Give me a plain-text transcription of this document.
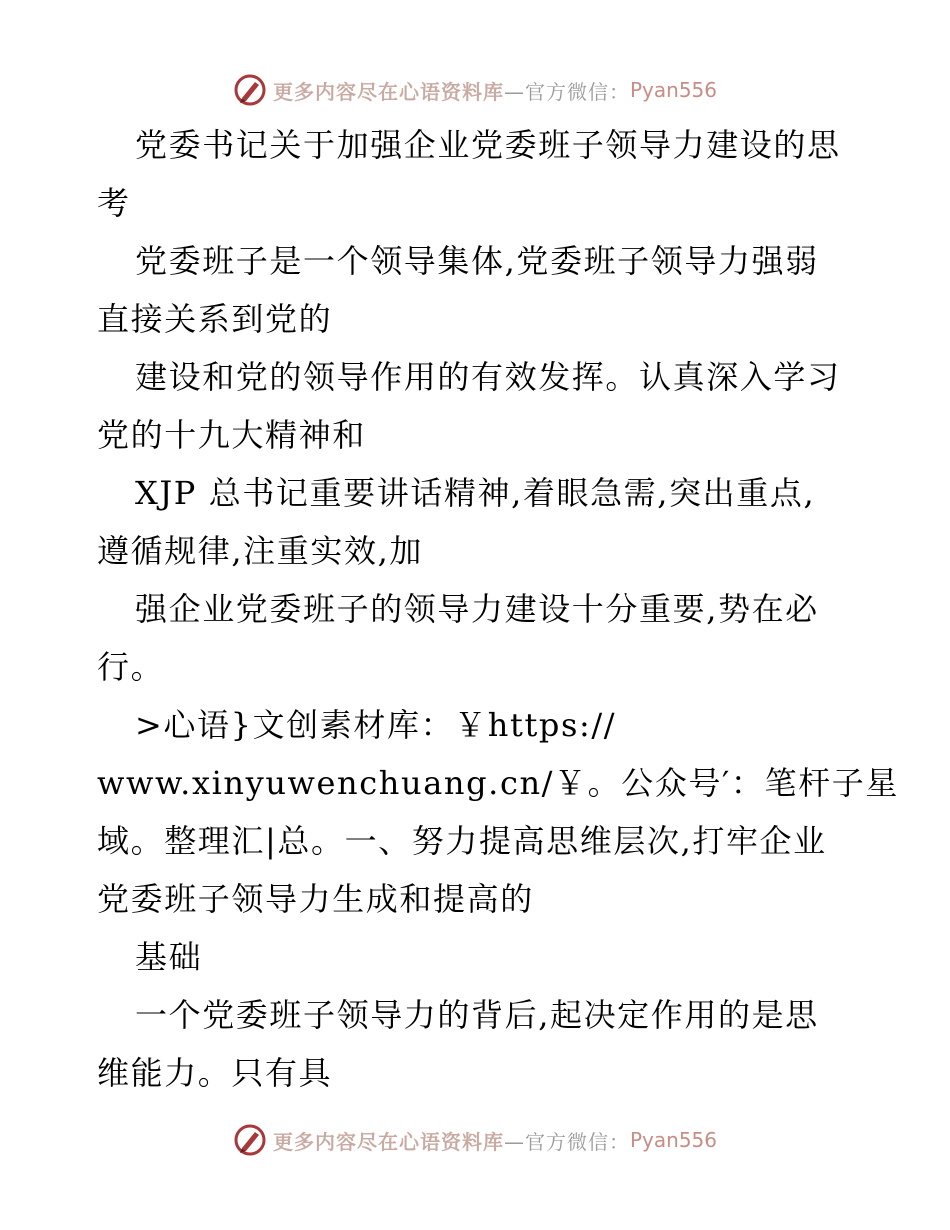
更多内容尽在心语资料库 —官方微信： Pyan556

党委书记关于加强企业党委班子领导力建设的思

考

党委班子是一个领导集体,党委班子领导力强弱

直接关系到党的

建设和党的领导作用的有效发挥。认真深入学习

党的十九大精神和

XJP 总书记重要讲话精神,着眼急需,突出重点,

遵循规律,注重实效,加

强企业党委班子的领导力建设十分重要,势在必

行。

>心语}文创素材库：￥https://

www.xinyuwenchuang.cn/￥。公众号′：笔杆子星

域。整理汇|总。一、努力提高思维层次,打牢企业

党委班子领导力生成和提高的

基础

一个党委班子领导力的背后,起决定作用的是思

维能力。只有具

更多内容尽在心语资料库 —官方微信： Pyan556
